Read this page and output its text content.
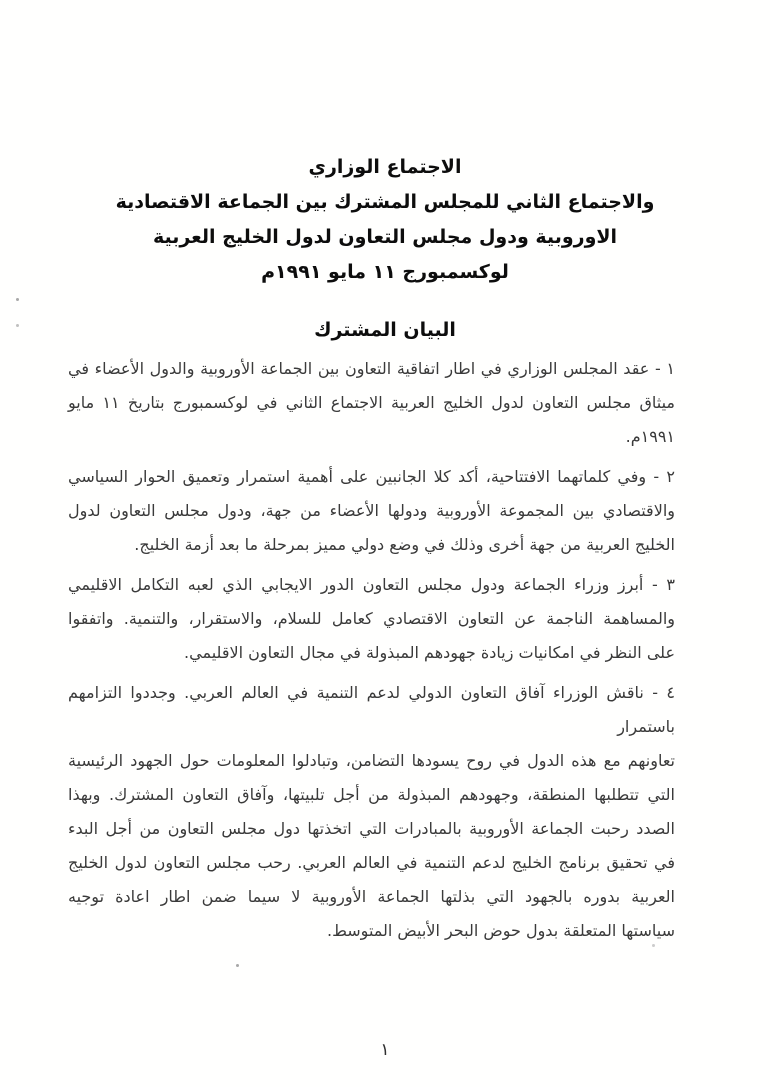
الاجتماع الوزاري
والاجتماع الثاني للمجلس المشترك بين الجماعة الاقتصادية
الاوروبية ودول مجلس التعاون لدول الخليج العربية
لوكسمبورج ١١ مايو ١٩٩١م
البيان المشترك
١ - عقد المجلس الوزاري في اطار اتفاقية التعاون بين الجماعة الأوروبية والدول الأعضاء في
ميثاق مجلس التعاون لدول الخليج العربية الاجتماع الثاني في لوكسمبورج بتاريخ ١١ مايو
١٩٩١م.
٢ - وفي كلماتهما الافتتاحية، أكد كلا الجانبين على أهمية استمرار وتعميق الحوار السياسي
والاقتصادي بين المجموعة الأوروبية ودولها الأعضاء من جهة، ودول مجلس التعاون لدول
الخليج العربية من جهة أخرى وذلك في وضع دولي مميز بمرحلة ما بعد أزمة الخليج.
٣ - أبرز وزراء الجماعة ودول مجلس التعاون الدور الايجابي الذي لعبه التكامل الاقليمي
والمساهمة الناجمة عن التعاون الاقتصادي كعامل للسلام، والاستقرار، والتنمية. واتفقوا
على النظر في امكانيات زيادة جهودهم المبذولة في مجال التعاون الاقليمي.
٤ - ناقش الوزراء آفاق التعاون الدولي لدعم التنمية في العالم العربي. وجددوا التزامهم باستمرار
تعاونهم مع هذه الدول في روح يسودها التضامن، وتبادلوا المعلومات حول الجهود الرئيسية
التي تتطلبها المنطقة، وجهودهم المبذولة من أجل تلبيتها، وآفاق التعاون المشترك. وبهذا
الصدد رحبت الجماعة الأوروبية بالمبادرات التي اتخذتها دول مجلس التعاون من أجل البدء
في تحقيق برنامج الخليج لدعم التنمية في العالم العربي. رحب مجلس التعاون لدول الخليج
العربية بدوره بالجهود التي بذلتها الجماعة الأوروبية لا سيما ضمن اطار اعادة توجيه
سياستها المتعلقة بدول حوض البحر الأبيض المتوسط.
١
